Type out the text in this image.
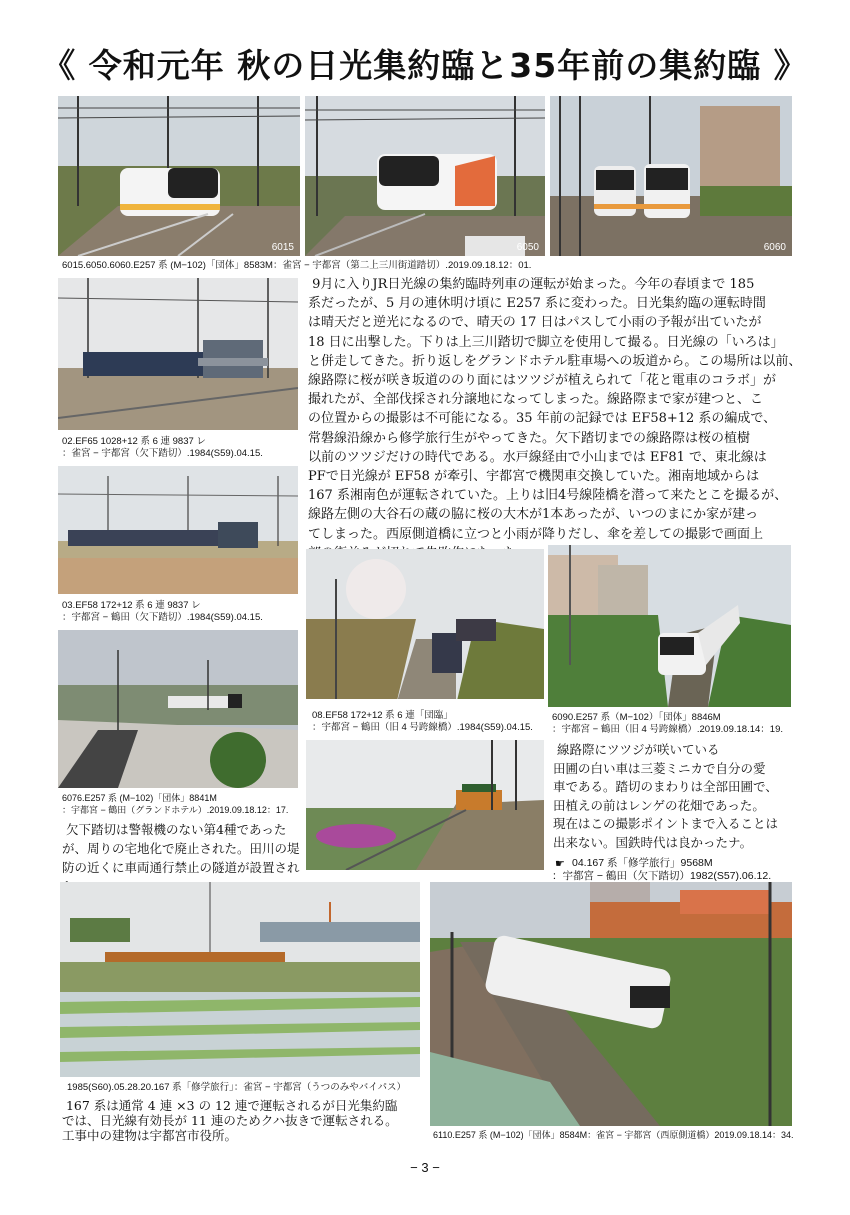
《 令和元年 秋の日光集約臨と35年前の集約臨 》
6015	6050	6060
6015.6050.6060.E257 系 (M−102)「団体」8583M：雀宮 − 宇都宮（第二上三川街道踏切）.2019.09.18.12：01.
02.EF65 1028+12 系 6 連 9837 レ
：雀宮 − 宇都宮（欠下踏切）.1984(S59).04.15.
03.EF58 172+12 系 6 連 9837 レ
：宇都宮 − 鶴田（欠下踏切）.1984(S59).04.15.
6076.E257 系 (M−102)「団体」8841M
：宇都宮 − 鶴田（グランドホテル）.2019.09.18.12：17.
欠下踏切は警報機のない第4種であったが、周りの宅地化で廃止された。田川の堤
防の近くに車両通行禁止の隧道が設置され
9月に入りJR日光線の集約臨時列車の運転が始まった。今年の春頃まで 185
系だったが、5 月の連休明け頃に E257 系に変わった。日光集約臨の運転時間
は晴天だと逆光になるので、晴天の 17 日はパスして小雨の予報が出ていたが
18 日に出撃した。下りは上三川踏切で脚立を使用して撮る。日光線の「いろは」
と併走してきた。折り返しをグランドホテル駐車場への坂道から。この場所は以前、
線路際に桜が咲き坂道ののり面にはツツジが植えられて「花と電車のコラボ」が
撮れたが、全部伐採され分譲地になってしまった。線路際まで家が建つと、こ
の位置からの撮影は不可能になる。35 年前の記録では EF58+12 系の編成で、
常磐線沿線から修学旅行生がやってきた。欠下踏切までの線路際は桜の植樹
以前のツツジだけの時代である。水戸線経由で小山までは EF81 で、東北線は
PFで日光線が EF58 が牽引、宇都宮で機関車交換していた。湘南地域からは
167 系湘南色が運転されていた。上りは旧4号線陸橋を潜って来たとこを撮るが、
線路左側の大谷石の蔵の脇に桜の大木が1本あったが、いつのまにか家が建っ
てしまった。西原側道橋に立つと小雨が降りだし、傘を差しての撮影で画面上

08.EF58 172+12 系 6 連「団臨」
：宇都宮 − 鶴田（旧 4 号跨線橋）.1984(S59).04.15.
6090.E257 系（M−102）「団体」8846M
：宇都宮 − 鶴田（旧 4 号跨線橋）.2019.09.18.14：19.
線路際にツツジが咲いている
田圃の白い車は三菱ミニカで自分の愛
車である。踏切のまわりは全部田圃で、
田植えの前はレンゲの花畑であった。
現在はこの撮影ポイントまで入ることは
出来ない。国鉄時代は良かったナ。
☛ 04.167 系「修学旅行」9568M
：宇都宮 − 鶴田（欠下踏切）1982(S57).06.12.
1985(S60).05.28.20.167 系「修学旅行」：雀宮 − 宇都宮（うつのみやバイパス）
167 系は通常 4 連 ×3 の 12 連で運転されるが日光集約臨
では、日光線有効長が 11 連のためクハ抜きで運転される。
工事中の建物は宇都宮市役所。	6110.E257 系 (M−102)「団体」8584M：雀宮 − 宇都宮（西原側道橋）2019.09.18.14：34.
− 3 −
